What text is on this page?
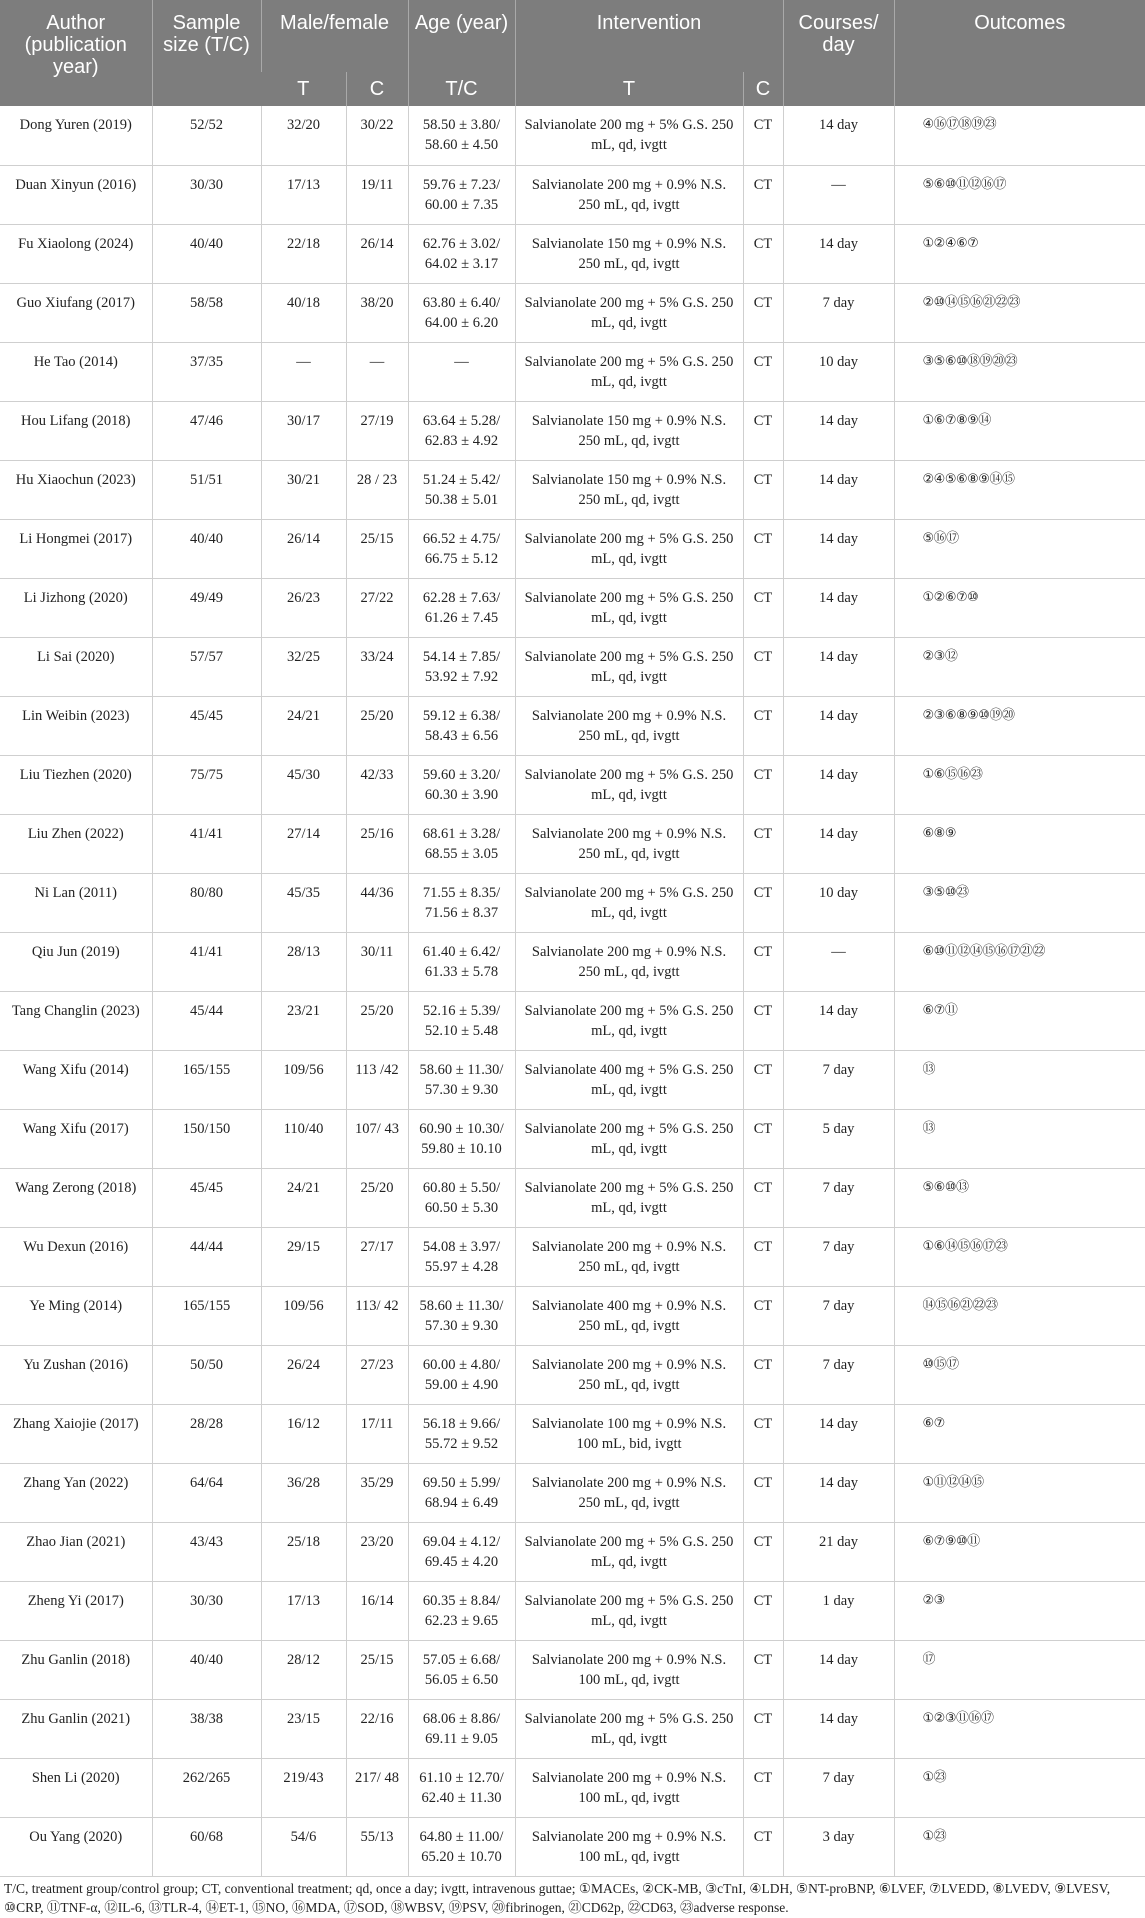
Author (publication year)	Sample size (T/C)	Male/female		Age (year)	Intervention		Courses/ day	Outcomes
		T	C	T/C	T	C		
Dong Yuren (2019)	52/52	32/20	30/22	58.50 ± 3.80/ 58.60 ± 4.50	Salvianolate 200 mg + 5% G.S. 250 mL, qd, ivgtt	CT	14 day	④⑯⑰⑱⑲㉓
Duan Xinyun (2016)	30/30	17/13	19/11	59.76 ± 7.23/ 60.00 ± 7.35	Salvianolate 200 mg + 0.9% N.S. 250 mL, qd, ivgtt	CT	—	⑤⑥⑩⑪⑫⑯⑰
Fu Xiaolong (2024)	40/40	22/18	26/14	62.76 ± 3.02/ 64.02 ± 3.17	Salvianolate 150 mg + 0.9% N.S. 250 mL, qd, ivgtt	CT	14 day	①②④⑥⑦
Guo Xiufang (2017)	58/58	40/18	38/20	63.80 ± 6.40/ 64.00 ± 6.20	Salvianolate 200 mg + 5% G.S. 250 mL, qd, ivgtt	CT	7 day	②⑩⑭⑮⑯㉑㉒㉓
He Tao (2014)	37/35	—	—	—	Salvianolate 200 mg + 5% G.S. 250 mL, qd, ivgtt	CT	10 day	③⑤⑥⑩⑱⑲⑳㉓
Hou Lifang (2018)	47/46	30/17	27/19	63.64 ± 5.28/ 62.83 ± 4.92	Salvianolate 150 mg + 0.9% N.S. 250 mL, qd, ivgtt	CT	14 day	①⑥⑦⑧⑨⑭
Hu Xiaochun (2023)	51/51	30/21	28 / 23	51.24 ± 5.42/ 50.38 ± 5.01	Salvianolate 150 mg + 0.9% N.S. 250 mL, qd, ivgtt	CT	14 day	②④⑤⑥⑧⑨⑭⑮
Li Hongmei (2017)	40/40	26/14	25/15	66.52 ± 4.75/ 66.75 ± 5.12	Salvianolate 200 mg + 5% G.S. 250 mL, qd, ivgtt	CT	14 day	⑤⑯⑰
Li Jizhong (2020)	49/49	26/23	27/22	62.28 ± 7.63/ 61.26 ± 7.45	Salvianolate 200 mg + 5% G.S. 250 mL, qd, ivgtt	CT	14 day	①②⑥⑦⑩
Li Sai (2020)	57/57	32/25	33/24	54.14 ± 7.85/ 53.92 ± 7.92	Salvianolate 200 mg + 5% G.S. 250 mL, qd, ivgtt	CT	14 day	②③⑫
Lin Weibin (2023)	45/45	24/21	25/20	59.12 ± 6.38/ 58.43 ± 6.56	Salvianolate 200 mg + 0.9% N.S. 250 mL, qd, ivgtt	CT	14 day	②③⑥⑧⑨⑩⑲⑳
Liu Tiezhen (2020)	75/75	45/30	42/33	59.60 ± 3.20/ 60.30 ± 3.90	Salvianolate 200 mg + 5% G.S. 250 mL, qd, ivgtt	CT	14 day	①⑥⑮⑯㉓
Liu Zhen (2022)	41/41	27/14	25/16	68.61 ± 3.28/ 68.55 ± 3.05	Salvianolate 200 mg + 0.9% N.S. 250 mL, qd, ivgtt	CT	14 day	⑥⑧⑨
Ni Lan (2011)	80/80	45/35	44/36	71.55 ± 8.35/ 71.56 ± 8.37	Salvianolate 200 mg + 5% G.S. 250 mL, qd, ivgtt	CT	10 day	③⑤⑩㉓
Qiu Jun (2019)	41/41	28/13	30/11	61.40 ± 6.42/ 61.33 ± 5.78	Salvianolate 200 mg + 0.9% N.S. 250 mL, qd, ivgtt	CT	—	⑥⑩⑪⑫⑭⑮⑯⑰㉑㉒
Tang Changlin (2023)	45/44	23/21	25/20	52.16 ± 5.39/ 52.10 ± 5.48	Salvianolate 200 mg + 5% G.S. 250 mL, qd, ivgtt	CT	14 day	⑥⑦⑪
Wang Xifu (2014)	165/155	109/56	113 /42	58.60 ± 11.30/ 57.30 ± 9.30	Salvianolate 400 mg + 5% G.S. 250 mL, qd, ivgtt	CT	7 day	⑬
Wang Xifu (2017)	150/150	110/40	107/ 43	60.90 ± 10.30/ 59.80 ± 10.10	Salvianolate 200 mg + 5% G.S. 250 mL, qd, ivgtt	CT	5 day	⑬
Wang Zerong (2018)	45/45	24/21	25/20	60.80 ± 5.50/ 60.50 ± 5.30	Salvianolate 200 mg + 5% G.S. 250 mL, qd, ivgtt	CT	7 day	⑤⑥⑩⑬
Wu Dexun (2016)	44/44	29/15	27/17	54.08 ± 3.97/ 55.97 ± 4.28	Salvianolate 200 mg + 0.9% N.S. 250 mL, qd, ivgtt	CT	7 day	①⑥⑭⑮⑯⑰㉓
Ye Ming (2014)	165/155	109/56	113/ 42	58.60 ± 11.30/ 57.30 ± 9.30	Salvianolate 400 mg + 0.9% N.S. 250 mL, qd, ivgtt	CT	7 day	⑭⑮⑯㉑㉒㉓
Yu Zushan (2016)	50/50	26/24	27/23	60.00 ± 4.80/ 59.00 ± 4.90	Salvianolate 200 mg + 0.9% N.S. 250 mL, qd, ivgtt	CT	7 day	⑩⑮⑰
Zhang Xaiojie (2017)	28/28	16/12	17/11	56.18 ± 9.66/ 55.72 ± 9.52	Salvianolate 100 mg + 0.9% N.S. 100 mL, bid, ivgtt	CT	14 day	⑥⑦
Zhang Yan (2022)	64/64	36/28	35/29	69.50 ± 5.99/ 68.94 ± 6.49	Salvianolate 200 mg + 0.9% N.S. 250 mL, qd, ivgtt	CT	14 day	①⑪⑫⑭⑮
Zhao Jian (2021)	43/43	25/18	23/20	69.04 ± 4.12/ 69.45 ± 4.20	Salvianolate 200 mg + 5% G.S. 250 mL, qd, ivgtt	CT	21 day	⑥⑦⑨⑩⑪
Zheng Yi (2017)	30/30	17/13	16/14	60.35 ± 8.84/ 62.23 ± 9.65	Salvianolate 200 mg + 5% G.S. 250 mL, qd, ivgtt	CT	1 day	②③
Zhu Ganlin (2018)	40/40	28/12	25/15	57.05 ± 6.68/ 56.05 ± 6.50	Salvianolate 200 mg + 0.9% N.S. 100 mL, qd, ivgtt	CT	14 day	⑰
Zhu Ganlin (2021)	38/38	23/15	22/16	68.06 ± 8.86/ 69.11 ± 9.05	Salvianolate 200 mg + 5% G.S. 250 mL, qd, ivgtt	CT	14 day	①②③⑪⑯⑰
Shen Li (2020)	262/265	219/43	217/ 48	61.10 ± 12.70/ 62.40 ± 11.30	Salvianolate 200 mg + 0.9% N.S. 100 mL, qd, ivgtt	CT	7 day	①㉓
Ou Yang (2020)	60/68	54/6	55/13	64.80 ± 11.00/ 65.20 ± 10.70	Salvianolate 200 mg + 0.9% N.S. 100 mL, qd, ivgtt	CT	3 day	①㉓
T/C, treatment group/control group; CT, conventional treatment; qd, once a day; ivgtt, intravenous guttae; ①MACEs, ②CK-MB, ③cTnI, ④LDH, ⑤NT-proBNP, ⑥LVEF, ⑦LVEDD, ⑧LVEDV, ⑨LVESV, ⑩CRP, ⑪TNF-α, ⑫IL-6, ⑬TLR-4, ⑭ET-1, ⑮NO, ⑯MDA, ⑰SOD, ⑱WBSV, ⑲PSV, ⑳fibrinogen, ㉑CD62p, ㉒CD63, ㉓adverse response.
